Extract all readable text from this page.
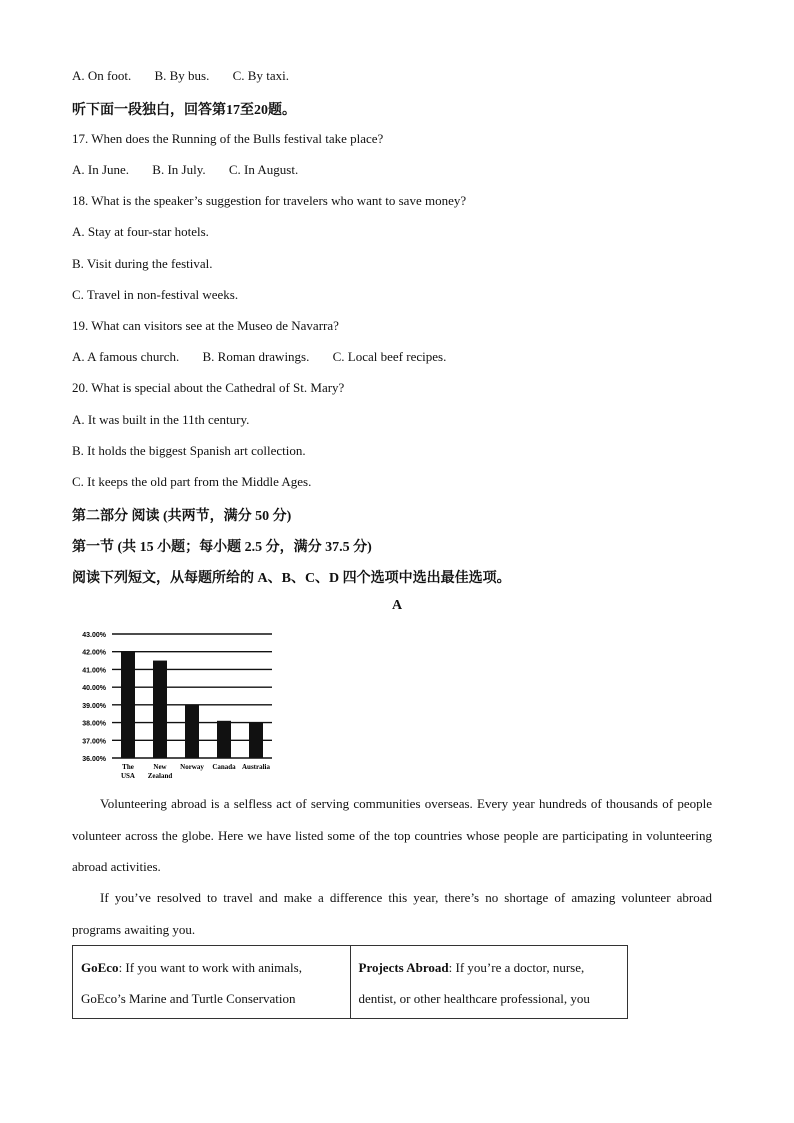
A. On foot. B. By bus. C. By taxi.
听下面一段独白，回答第17至20题。
17. When does the Running of the Bulls festival take place?
A. In June. B. In July. C. In August.
18. What is the speaker’s suggestion for travelers who want to save money?
A. Stay at four-star hotels.
B. Visit during the festival.
C. Travel in non-festival weeks.
19. What can visitors see at the Museo de Navarra?
A. A famous church. B. Roman drawings. C. Local beef recipes.
20. What is special about the Cathedral of St. Mary?
A. It was built in the 11th century.
B. It holds the biggest Spanish art collection.
C. It keeps the old part from the Middle Ages.
第二部分 阅读 (共两节，满分 50 分)
第一节 (共 15 小题；每小题 2.5 分，满分 37.5 分)
阅读下列短文，从每题所给的 A、B、C、D 四个选项中选出最佳选项。
A
36.00%
37.00%
38.00%
39.00%
40.00%
41.00%
42.00%
43.00%
The
USA
New
Zealand
Norway Canada Australia
Volunteering abroad is a selfless act of serving communities overseas. Every year hundreds of thousands of people volunteer across the globe. Here we have listed some of the top countries whose people are participating in volunteering abroad activities.
If you’ve resolved to travel and make a difference this year, there’s no shortage of amazing volunteer abroad programs awaiting you.
GoEco: If you want to work with animals, GoEco’s Marine and Turtle Conservation	Projects Abroad: If you’re a doctor, nurse, dentist, or other healthcare professional, you
